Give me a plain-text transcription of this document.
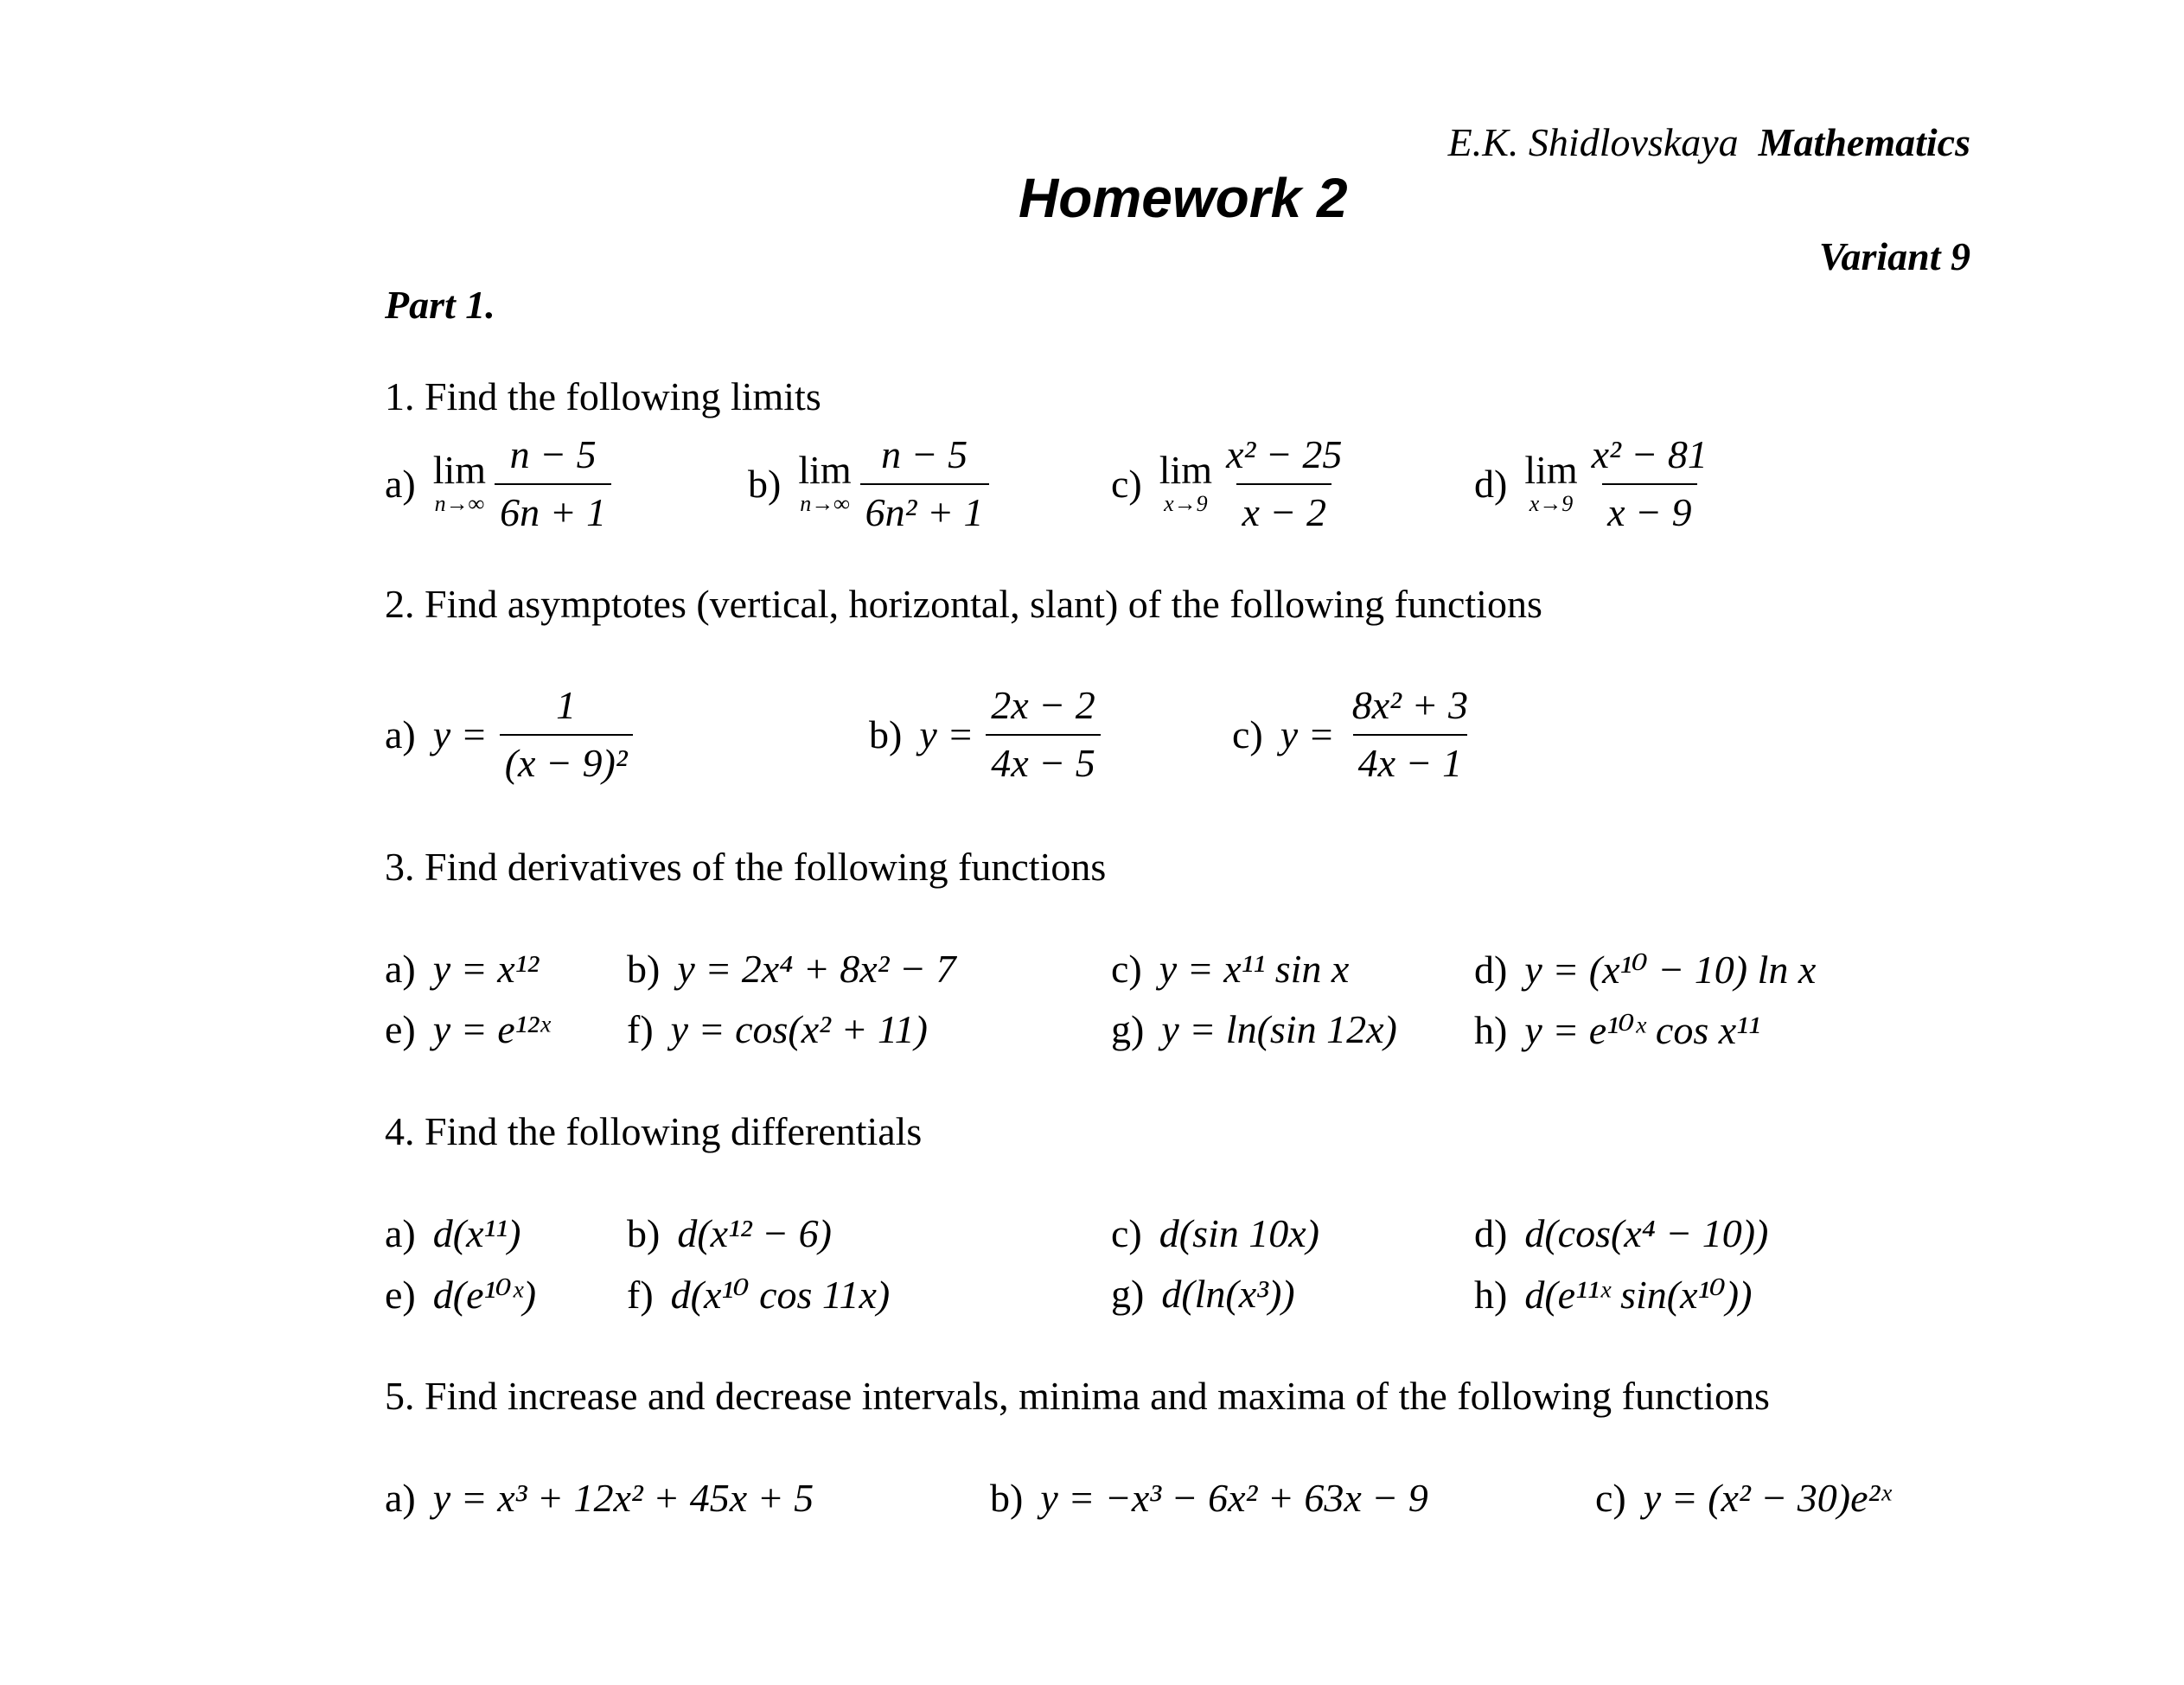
E.K. Shidlovskaya Mathematics
Homework 2
Variant 9
Part 1.
1. Find the following limits
a) lim
$n\to\infty \frac{n - 5}{6n + 1}$	b) lim
$n\to\infty \frac{n - 5}{\text{6n² + 1}}$	c) lim
$x\to 9 \frac{\text{x² − 25}}{x - 2}$	d) lim
$x\to 9 \frac{\text{x² − 81}}{x - 9}$
2. Find asymptotes (vertical, horizontal, slant) of the following functions
a) $y = \frac{1}{\text{(x − 9)²}}$	b) $y = \frac{2x - 2}{4x - 5}$	c) $y = \frac{\text{8x² + 3}}{4x - 1}$
3. Find derivatives of the following functions
a) y = x¹² b) y = 2x⁴ + 8x² − 7	c) y = x¹¹ sin x	d) y = (x¹⁰ − 10) ln x
e) y = e¹²ˣ f) y = cos(x² + 11)	g) y = ln(sin 12x) h) y = e¹⁰ˣ cos x¹¹
4. Find the following differentials
a) d(x¹¹)	b) d(x¹² − 6)	c) d(sin 10x)	d) d(cos(x⁴ − 10))
e) d(e¹⁰ˣ) f) d(x¹⁰ cos 11x)	g) d(ln(x³))	h) d(e¹¹ˣ sin(x¹⁰))
5. Find increase and decrease intervals, minima and maxima of the following functions
a) y = x³ + 12x² + 45x + 5	b) y = −x³ − 6x² + 63x − 9	c) y = (x² − 30)e²ˣ
